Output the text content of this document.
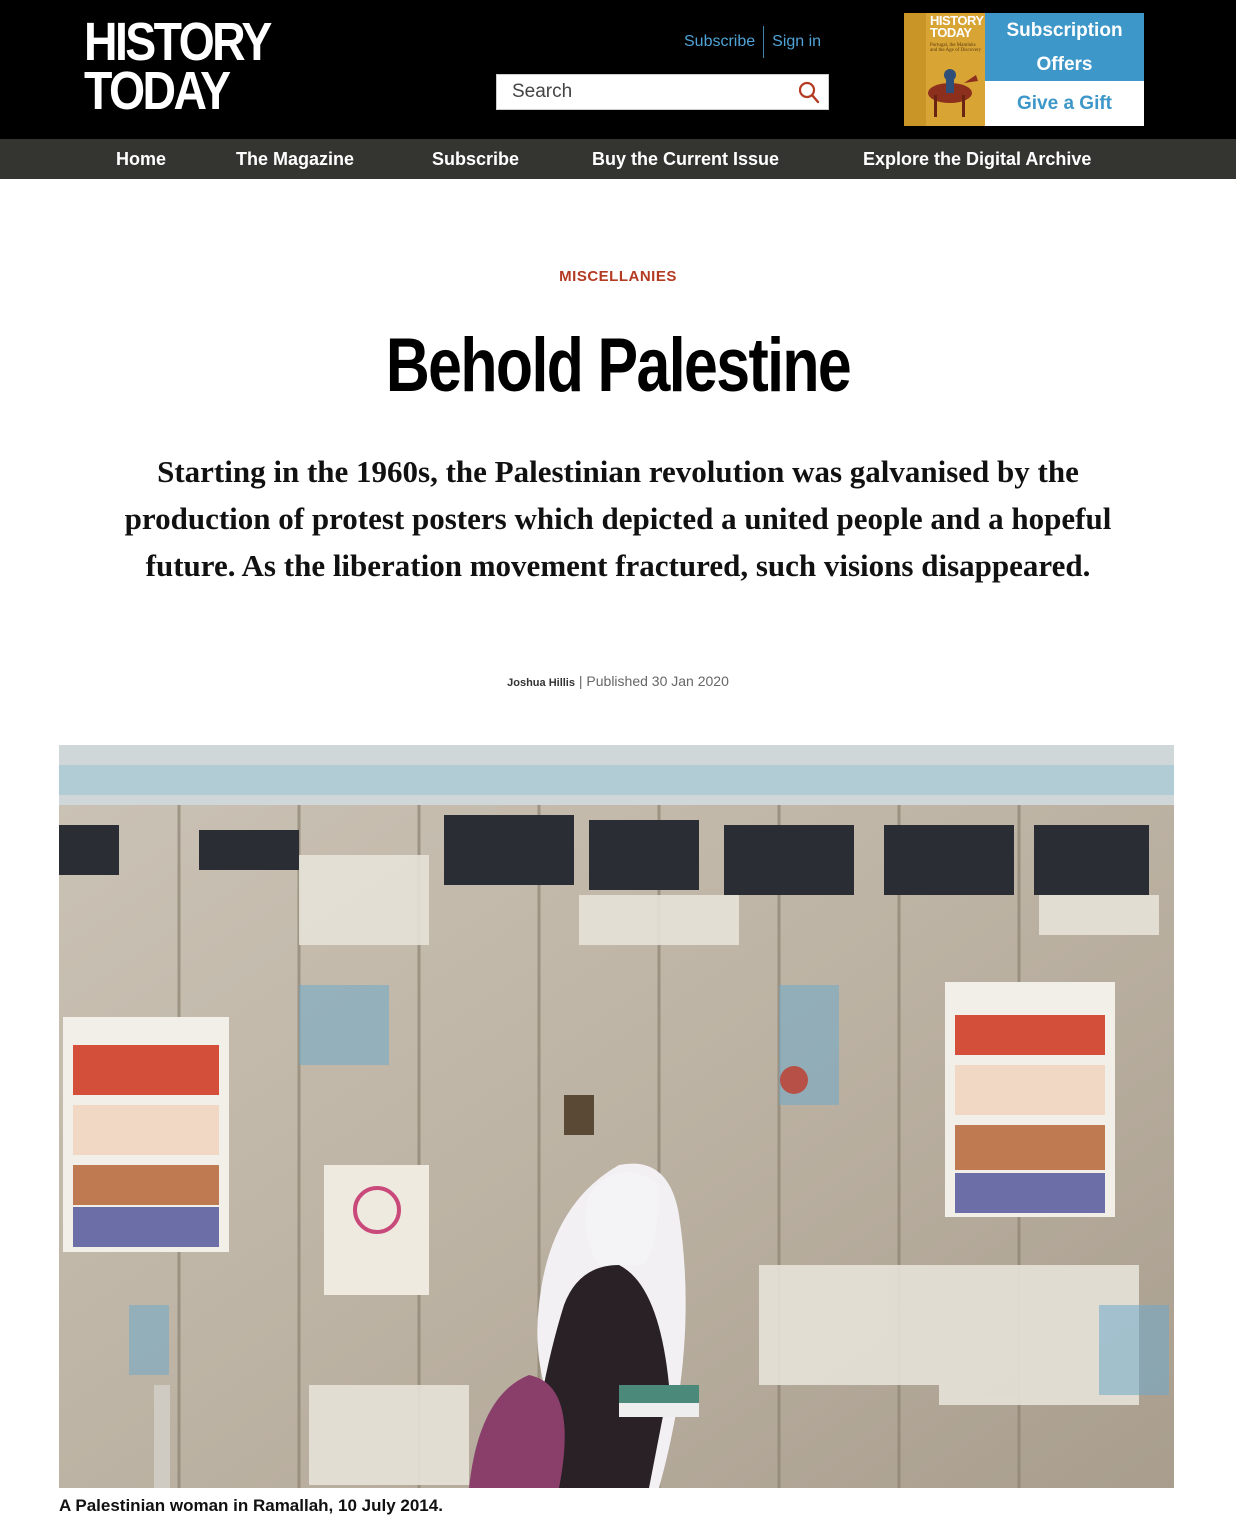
HISTORY
TODAY
Subscribe Sign in
Search
HISTORY
TODAY
Portugal, the Mamluks and the Age of Discovery
Subscription
Offers
Give a Gift
Home	The Magazine	Subscribe	Buy the Current Issue	Explore the Digital Archive
MISCELLANIES
Behold Palestine

Starting in the 1960s, the Palestinian revolution was galvanised by the production of protest posters which depicted a united people and a hopeful future. As the liberation movement fractured, such visions disappeared.

Joshua Hillis | Published 30 Jan 2020
A Palestinian woman in Ramallah, 10 July 2014.
